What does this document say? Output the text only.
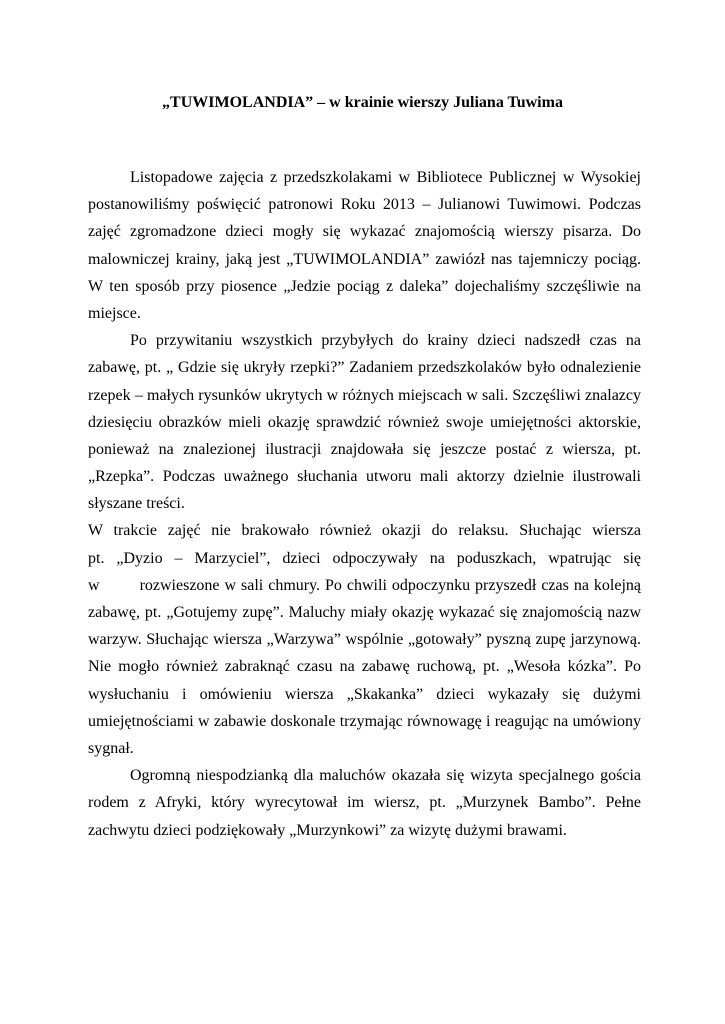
„TUWIMOLANDIA” – w krainie wierszy Juliana Tuwima
Listopadowe zajęcia z przedszkolakami w Bibliotece Publicznej w Wysokiej
postanowiliśmy poświęcić patronowi Roku 2013 – Julianowi Tuwimowi. Podczas
zajęć zgromadzone dzieci mogły się wykazać znajomością wierszy pisarza. Do
malowniczej krainy, jaką jest „TUWIMOLANDIA” zawiózł nas tajemniczy pociąg.
W ten sposób przy piosence „Jedzie pociąg z daleka” dojechaliśmy szczęśliwie na
miejsce.
Po przywitaniu wszystkich przybyłych do krainy dzieci nadszedł czas na
zabawę, pt. „ Gdzie się ukryły rzepki?” Zadaniem przedszkolaków było odnalezienie
rzepek – małych rysunków ukrytych w różnych miejscach w sali. Szczęśliwi znalazcy
dziesięciu obrazków mieli okazję sprawdzić również swoje umiejętności aktorskie,
ponieważ na znalezionej ilustracji znajdowała się jeszcze postać z wiersza, pt.
„Rzepka”. Podczas uważnego słuchania utworu mali aktorzy dzielnie ilustrowali
słyszane treści.
W trakcie zajęć nie brakowało również okazji do relaksu. Słuchając wiersza
pt. „Dyzio – Marzyciel”, dzieci odpoczywały na poduszkach, wpatrując się
w	rozwieszone w sali chmury. Po chwili odpoczynku przyszedł czas na kolejną
zabawę, pt. „Gotujemy zupę”. Maluchy miały okazję wykazać się znajomością nazw
warzyw. Słuchając wiersza „Warzywa” wspólnie „gotowały” pyszną zupę jarzynową.
Nie mogło również zabraknąć czasu na zabawę ruchową, pt. „Wesoła kózka”. Po
wysłuchaniu i omówieniu wiersza „Skakanka” dzieci wykazały się dużymi
umiejętnościami w zabawie doskonale trzymając równowagę i reagując na umówiony
sygnał.
Ogromną niespodzianką dla maluchów okazała się wizyta specjalnego gościa
rodem z Afryki, który wyrecytował im wiersz, pt. „Murzynek Bambo”. Pełne
zachwytu dzieci podziękowały „Murzynkowi” za wizytę dużymi brawami.
